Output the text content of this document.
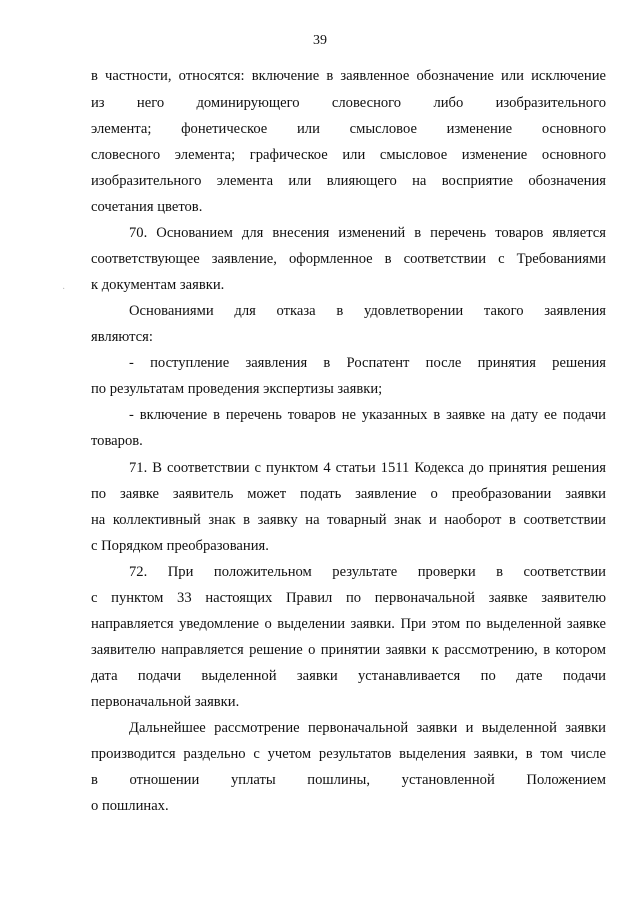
39
в частности, относятся: включение в заявленное обозначение или исключение
из него доминирующего словесного либо изобразительного
элемента; фонетическое или смысловое изменение основного
словесного элемента; графическое или смысловое изменение основного
изобразительного элемента или влияющего на восприятие обозначения
сочетания цветов.
70. Основанием для внесения изменений в перечень товаров является
соответствующее заявление, оформленное в соответствии с Требованиями
к документам заявки.
Основаниями для отказа в удовлетворении такого заявления
являются:
- поступление заявления в Роспатент после принятия решения
по результатам проведения экспертизы заявки;
- включение в перечень товаров не указанных в заявке на дату ее подачи
товаров.
71. В соответствии с пунктом 4 статьи 1511 Кодекса до принятия решения
по заявке заявитель может подать заявление о преобразовании заявки
на коллективный знак в заявку на товарный знак и наоборот в соответствии
с Порядком преобразования.
72. При положительном результате проверки в соответствии
с пунктом 33 настоящих Правил по первоначальной заявке заявителю
направляется уведомление о выделении заявки. При этом по выделенной заявке
заявителю направляется решение о принятии заявки к рассмотрению, в котором
дата подачи выделенной заявки устанавливается по дате подачи
первоначальной заявки.
Дальнейшее рассмотрение первоначальной заявки и выделенной заявки
производится раздельно с учетом результатов выделения заявки, в том числе
в отношении уплаты пошлины, установленной Положением
о пошлинах.
·
